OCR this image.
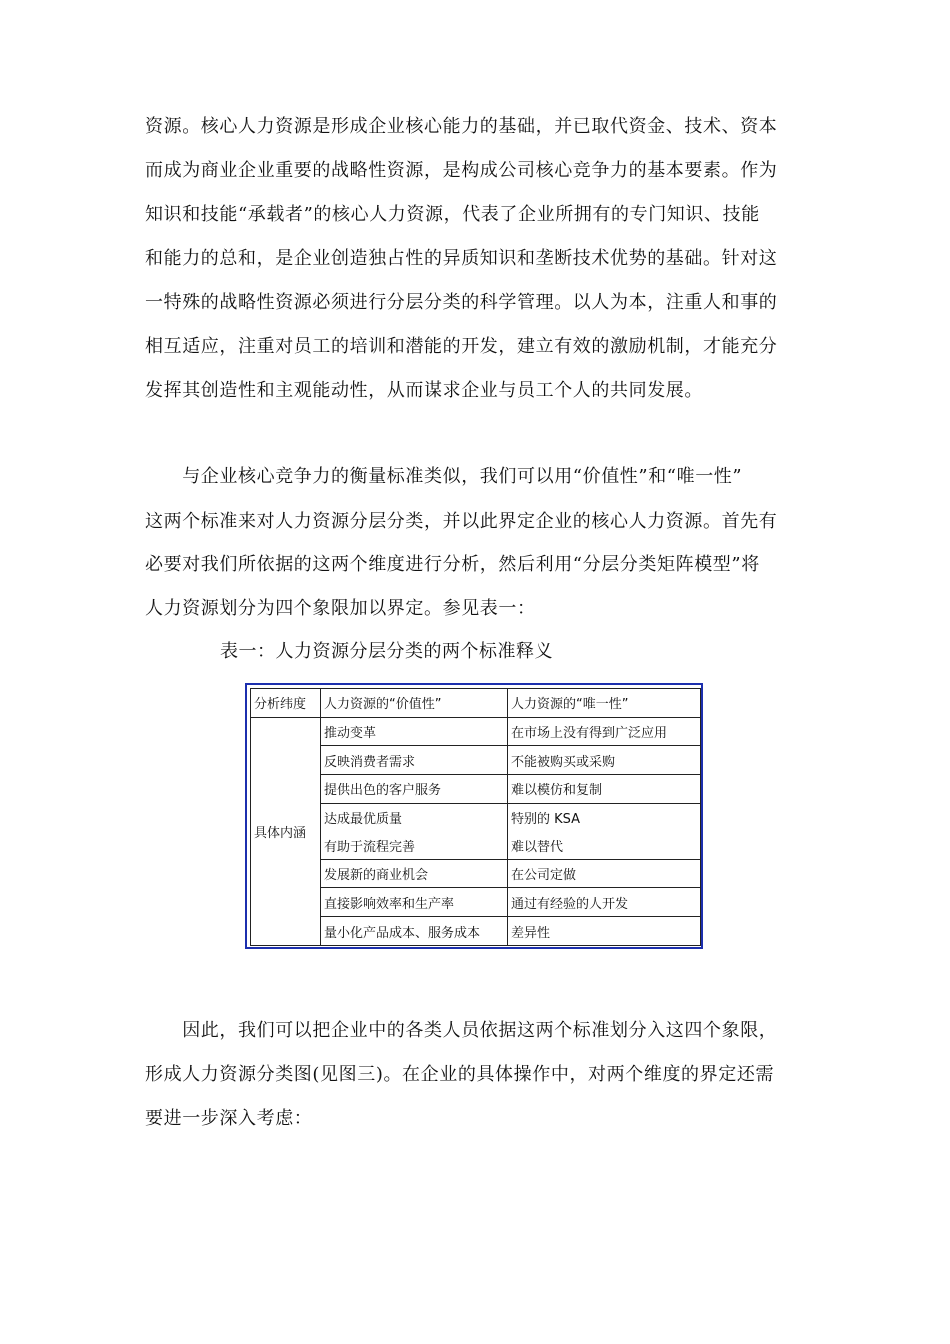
资源。核心人力资源是形成企业核心能力的基础，并已取代资金、技术、资本
而成为商业企业重要的战略性资源，是构成公司核心竞争力的基本要素。作为
知识和技能“承载者”的核心人力资源，代表了企业所拥有的专门知识、技能
和能力的总和，是企业创造独占性的异质知识和垄断技术优势的基础。针对这
一特殊的战略性资源必须进行分层分类的科学管理。以人为本，注重人和事的
相互适应，注重对员工的培训和潜能的开发，建立有效的激励机制，才能充分
发挥其创造性和主观能动性，从而谋求企业与员工个人的共同发展。
　　与企业核心竞争力的衡量标准类似，我们可以用“价值性”和“唯一性”
这两个标准来对人力资源分层分类，并以此界定企业的核心人力资源。首先有
必要对我们所依据的这两个维度进行分析，然后利用“分层分类矩阵模型”将
人力资源划分为四个象限加以界定。参见表一：
表一：人力资源分层分类的两个标准释义
分析纬度	人力资源的“价值性”	人力资源的“唯一性”
具体内涵	推动变革	在市场上没有得到广泛应用
	反映消费者需求	不能被购买或采购
	提供出色的客户服务	难以模仿和复制
	达成最优质量	特别的 KSA
	有助于流程完善	难以替代
	发展新的商业机会	在公司定做
	直接影响效率和生产率	通过有经验的人开发
	量小化产品成本、服务成本	差异性
　　因此，我们可以把企业中的各类人员依据这两个标准划分入这四个象限，
形成人力资源分类图(见图三)。在企业的具体操作中，对两个维度的界定还需
要进一步深入考虑：
